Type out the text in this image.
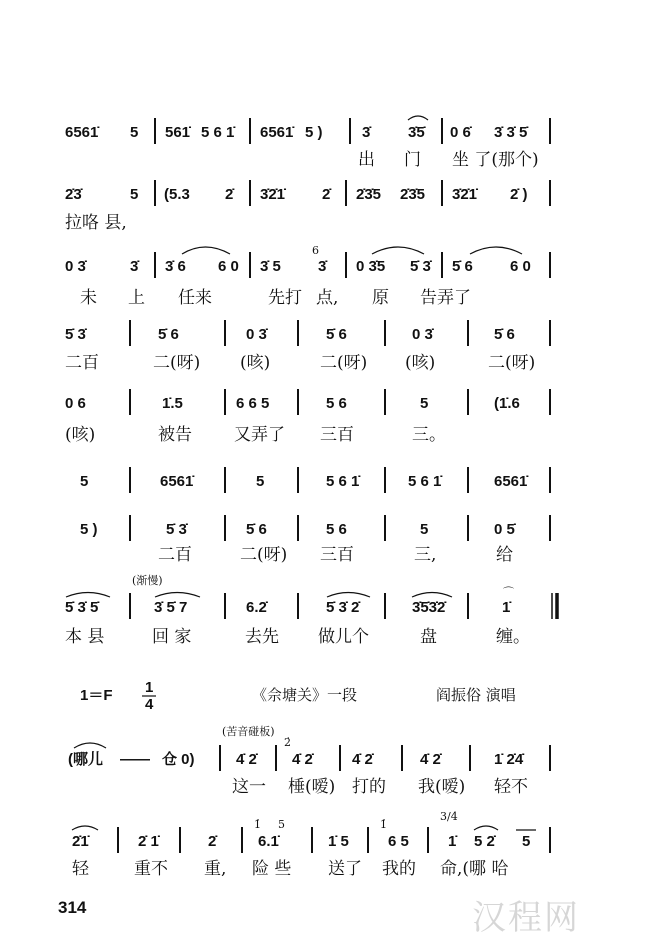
6561̇ 5 561̇ 5 6 1̇ 6561̇ 5 )	3̇	3̇5̇ 0 6̇ 3̇ 3̇ 5̇
出 门 坐 了(那个)
2̇3̇	5 (5.3 2̇ 3̇2̇1̇ 2̇ 2̇3̇5 2̇3̇5 3̇2̇1̇ 2̇ )
拉咯 县,
0 3̇	3̇ 3̇ 6 6 0 3̇ 5
6
3̇ 0 3̇5 5̇ 3̇ 5̇ 6 6 0
未 上 任来	先打 点, 原 告弄了
5̇ 3̇	5̇ 6	0 3̇	5̇ 6	0 3̇	5̇ 6
二百	二(呀) (咳)	二(呀) (咳)	二(呀)
0 6	1̇.5	6 6 5	5 6	5	(1̇.6
(咳)	被告 又弄了 三百	三。
5	6561̇	5	5 6 1̇	5 6 1̇	6561̇
5 )	5̇ 3̇	5̇ 6	5 6	5	0 5̇
二百	二(呀) 三百	三,	给
(渐慢)
5̇ 3̇ 5̇	3̇ 5̇ 7	6.2̇	5̇ 3̇ 2̇	3̇5̇3̇2̇	1̇
⌒
本 县	回 家	去先 做儿个	盘	缠。
1＝F 1
4
《佘塘关》一段	阎振俗 演唱
(苦音碰板)
(哪儿 —— 仓 0)	4̇ 2̇
2̇
4̇ 2̇	4̇ 2̇	4̇ 2̇	1̇ 2̇4̇
这一 棰(嗳) 打的 我(嗳) 轻不
3/4
2̇1̇	2̇ 1̇	2̇
1̇ 5
6.1̇	1̇ 5
1̇
6 5	1̇ 5 2̇ 5
轻	重不 重, 险 些 送了 我的 命,(哪 哈
314	汉程网
